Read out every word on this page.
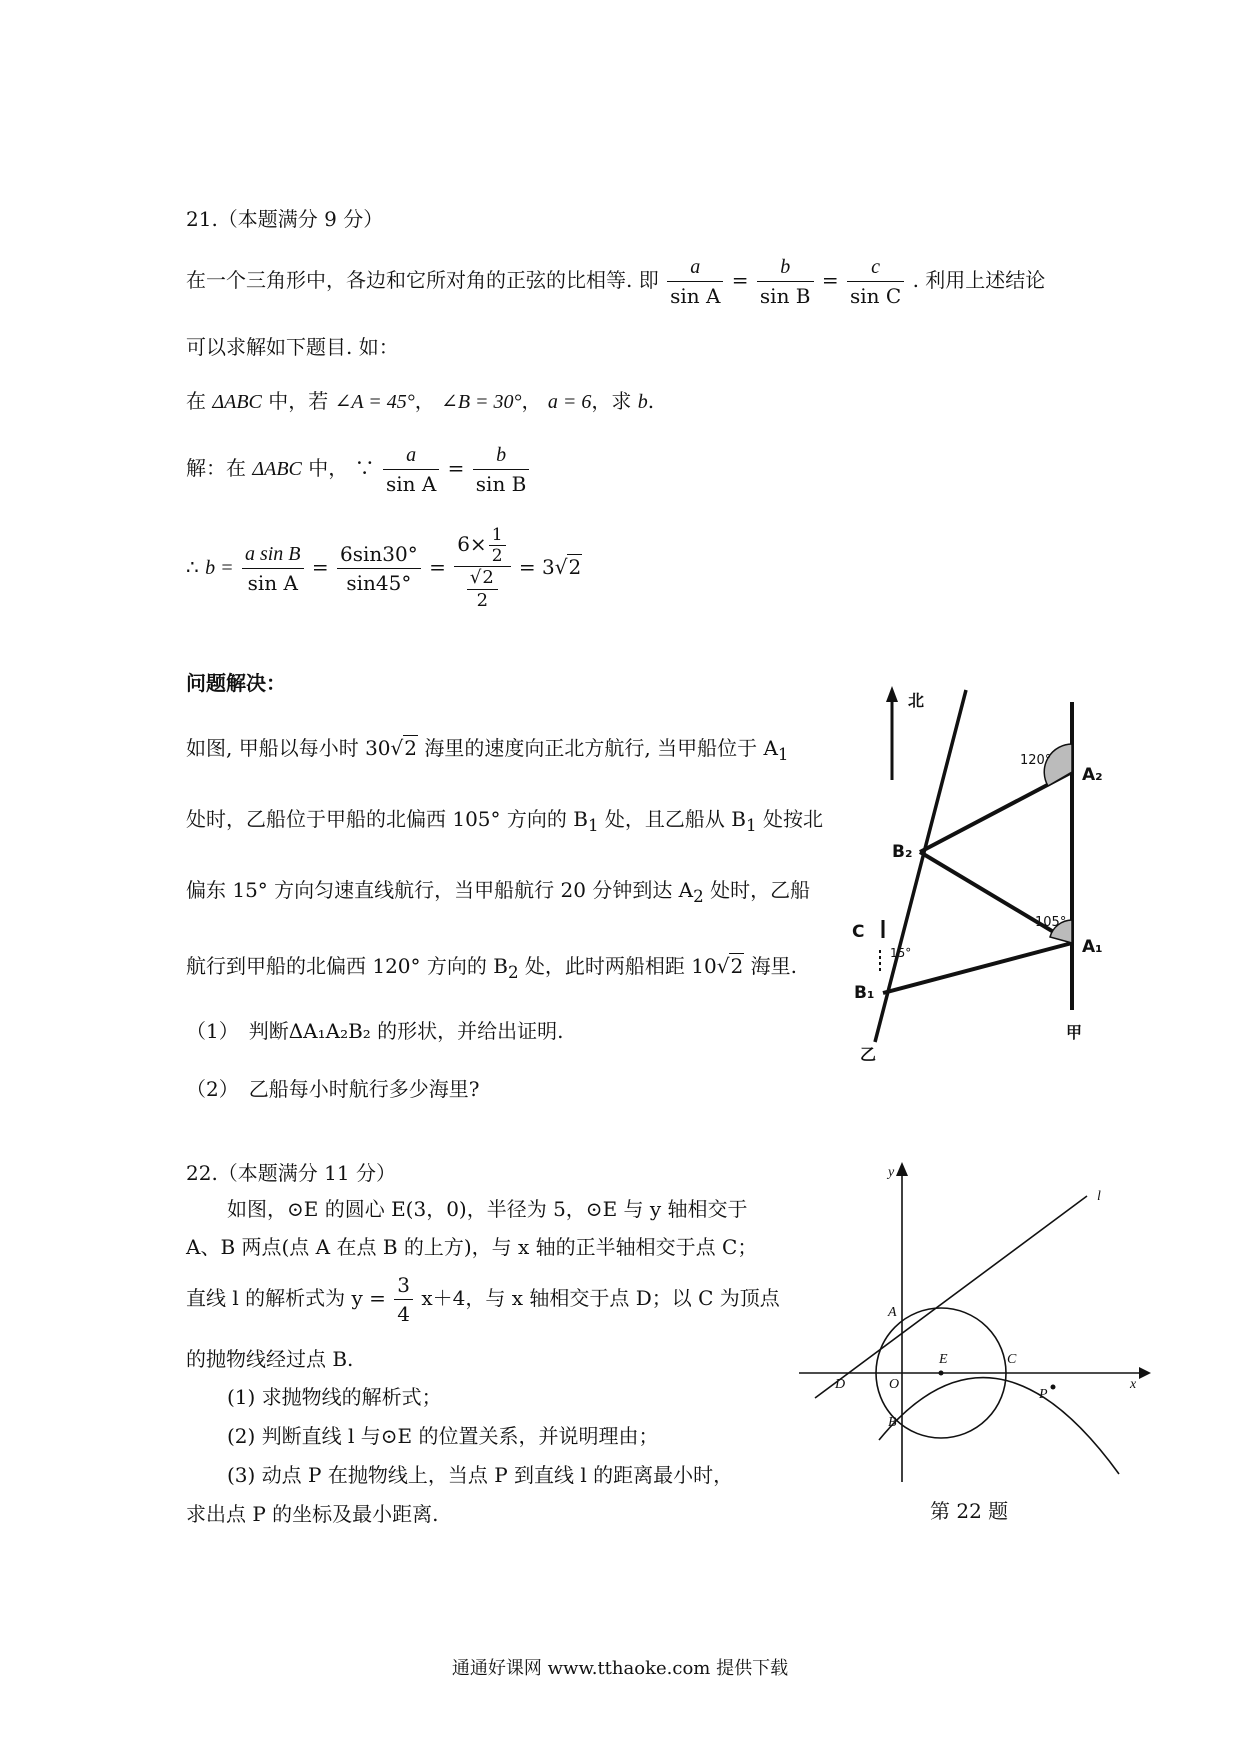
21.（本题满分 9 分）
在一个三角形中，各边和它所对角的正弦的比相等. 即 $\frac{a}{\text{sin A}} = \frac{b}{\text{sin B}} = \frac{c}{\text{sin C}}$ . 利用上述结论
可以求解如下题目. 如：
在 ΔABC 中，若 ∠A = 45°， ∠B = 30°， a = 6，求 b.
解：在 ΔABC 中， ∵ $\frac{a}{\text{sin A}} = \frac{b}{\text{sin B}}$
∴ $b = \frac{\text{a sin B}}{\text{sin A}} = \frac{6\sin 30^\circ}{\sin 45^\circ} = \frac{6\times \frac{1}{2}}{\frac{√2}{2}} = 3√2$
问题解决：
如图, 甲船以每小时 30√2 海里的速度向正北方航行, 当甲船位于 $A_1$
处时，乙船位于甲船的北偏西 105° 方向的 $B_1$ 处，且乙船从 $B_1$ 处按北
偏东 15° 方向匀速直线航行，当甲船航行 20 分钟到达 $A_2$ 处时，乙船
航行到甲船的北偏西 120° 方向的 $B_2$ 处，此时两船相距 10√2 海里.
（1）　判断ΔA₁A₂B₂ 的形状，并给出证明.
（2）　乙船每小时航行多少海里?
北
120°
A₂
B₂
105°
A₁
C
15°
B₁
甲
乙
22.（本题满分 11 分）
如图，⊙E 的圆心 E(3，0)，半径为 5，⊙E 与 y 轴相交于
A、B 两点(点 A 在点 B 的上方)，与 x 轴的正半轴相交于点 C；
直线 l 的解析式为 $y = \frac{3}{4} x+4$，与 x 轴相交于点 D；以 C 为顶点
的抛物线经过点 B.
(1) 求抛物线的解析式；
(2) 判断直线 l 与⊙E 的位置关系，并说明理由；
(3) 动点 P 在抛物线上，当点 P 到直线 l 的距离最小时，
求出点 P 的坐标及最小距离.
y
l
A
E	C
x
D	O
P
B
第 22 题
通通好课网 www.tthaoke.com 提供下载
